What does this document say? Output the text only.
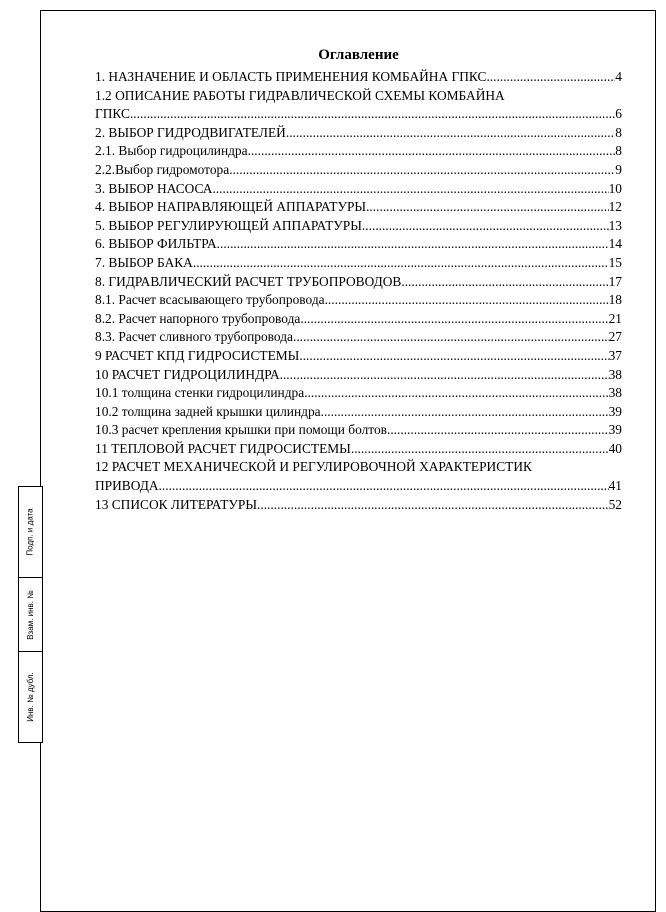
Подп. и дата
Взам. инв. №
Инв. № дубл.
Оглавление
1. НАЗНАЧЕНИЕ И ОБЛАСТЬ ПРИМЕНЕНИЯ КОМБАЙНА ГПКС .....	4
1.2 ОПИСАНИЕ РАБОТЫ ГИДРАВЛИЧЕСКОЙ СХЕМЫ КОМБАЙНА
ГПКС .....	6
2. ВЫБОР ГИДРОДВИГАТЕЛЕЙ .....	8
2.1. Выбор гидроцилиндра .....	8
2.2.Выбор гидромотора .....	9
3. ВЫБОР НАСОСА .....	10
4. ВЫБОР НАПРАВЛЯЮЩЕЙ АППАРАТУРЫ .....	12
5. ВЫБОР РЕГУЛИРУЮЩЕЙ АППАРАТУРЫ .....	13
6. ВЫБОР ФИЛЬТРА .....	14
7. ВЫБОР БАКА .....	15
8. ГИДРАВЛИЧЕСКИЙ РАСЧЕТ ТРУБОПРОВОДОВ .....	17
8.1. Расчет всасывающего трубопровода .....	18
8.2. Расчет напорного трубопровода .....	21
8.3. Расчет сливного трубопровода .....	27
9 РАСЧЕТ КПД ГИДРОСИСТЕМЫ .....	37
10 РАСЧЕТ ГИДРОЦИЛИНДРА .....	38
10.1 толщина стенки гидроцилиндра .....	38
10.2 толщина задней крышки цилиндра .....	39
10.3 расчет крепления крышки при помощи болтов .....	39
11 ТЕПЛОВОЙ РАСЧЕТ ГИДРОСИСТЕМЫ .....	40
12 РАСЧЕТ МЕХАНИЧЕСКОЙ И РЕГУЛИРОВОЧНОЙ ХАРАКТЕРИСТИК
ПРИВОДА .....	41
13 СПИСОК ЛИТЕРАТУРЫ .....	52
